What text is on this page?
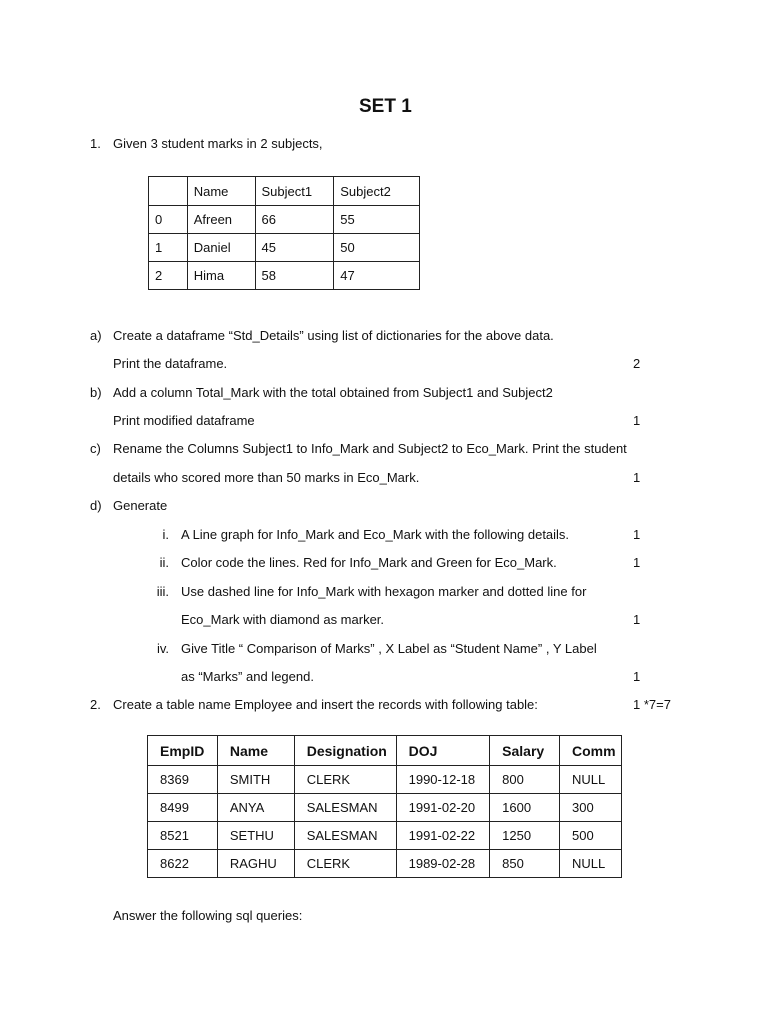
SET 1
1. Given 3 student marks in 2 subjects,
	Name	Subject1	Subject2
0	Afreen	66	55
1	Daniel	45	50
2	Hima	58	47
a) Create a dataframe “Std_Details” using list of dictionaries for the above data.
Print the dataframe.	2
b) Add a column Total_Mark with the total obtained from Subject1 and Subject2
Print modified dataframe	1
c) Rename the Columns Subject1 to Info_Mark and Subject2 to Eco_Mark. Print the student
details who scored more than 50 marks in Eco_Mark.	1
d) Generate
i. A Line graph for Info_Mark and Eco_Mark with the following details.	1
ii. Color code the lines. Red for Info_Mark and Green for Eco_Mark.	1
iii. Use dashed line for Info_Mark with hexagon marker and dotted line for
Eco_Mark with diamond as marker.	1
iv. Give Title “ Comparison of Marks” , X Label as “Student Name” , Y Label
as “Marks” and legend.	1
2. Create a table name Employee and insert the records with following table:	1 *7=7
EmpID	Name	Designation	DOJ	Salary	Comm
8369	SMITH	CLERK	1990-12-18	800	NULL
8499	ANYA	SALESMAN	1991-02-20	1600	300
8521	SETHU	SALESMAN	1991-02-22	1250	500
8622	RAGHU	CLERK	1989-02-28	850	NULL
Answer the following sql queries:
